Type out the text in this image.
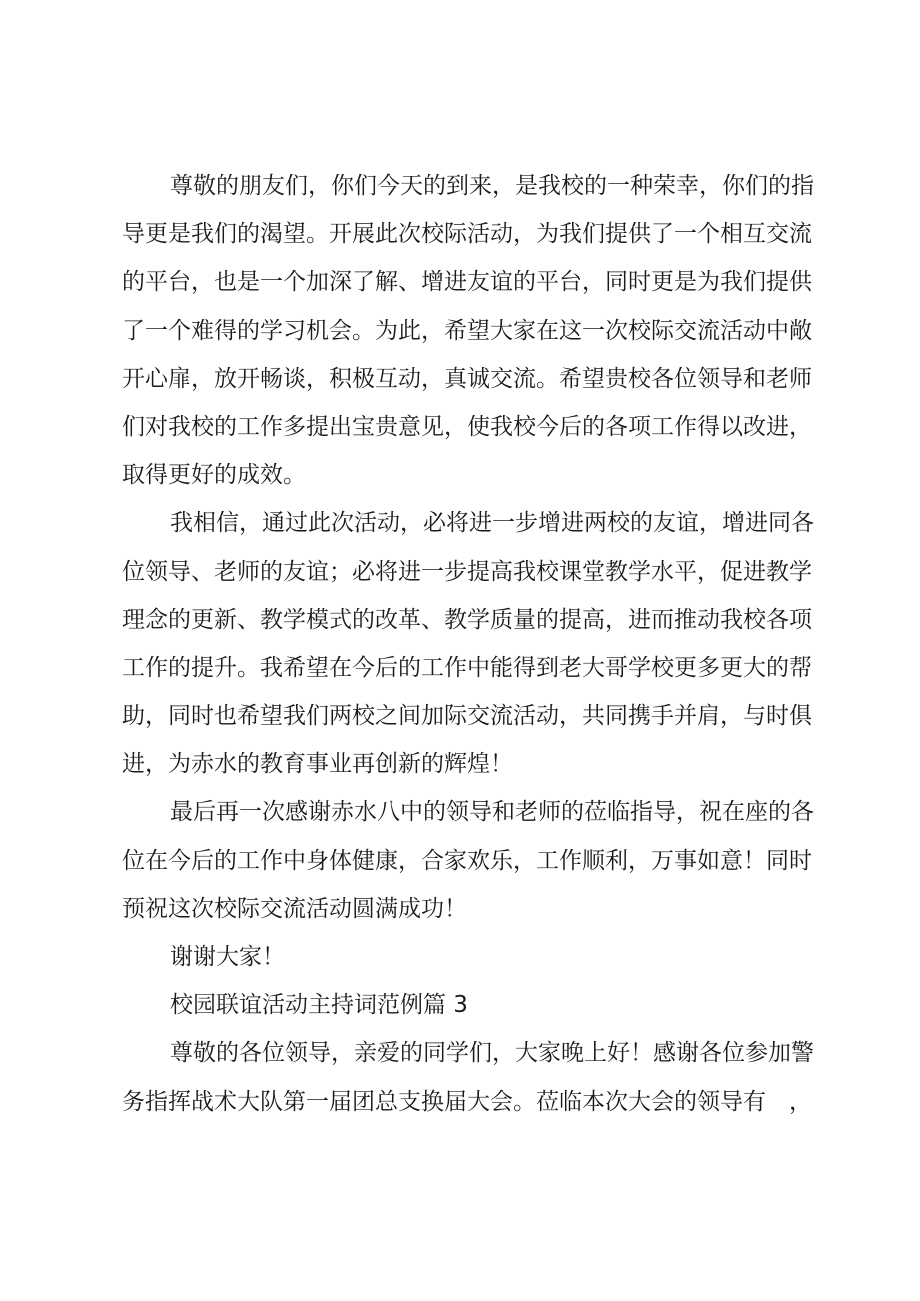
尊敬的朋友们，你们今天的到来，是我校的一种荣幸，你们的指
导更是我们的渴望。开展此次校际活动，为我们提供了一个相互交流
的平台，也是一个加深了解、增进友谊的平台，同时更是为我们提供
了一个难得的学习机会。为此，希望大家在这一次校际交流活动中敞
开心扉，放开畅谈，积极互动，真诚交流。希望贵校各位领导和老师
们对我校的工作多提出宝贵意见，使我校今后的各项工作得以改进，
取得更好的成效。
我相信，通过此次活动，必将进一步增进两校的友谊，增进同各
位领导、老师的友谊；必将进一步提高我校课堂教学水平，促进教学
理念的更新、教学模式的改革、教学质量的提高，进而推动我校各项
工作的提升。我希望在今后的工作中能得到老大哥学校更多更大的帮
助，同时也希望我们两校之间加际交流活动，共同携手并肩，与时俱
进，为赤水的教育事业再创新的辉煌！
最后再一次感谢赤水八中的领导和老师的莅临指导，祝在座的各
位在今后的工作中身体健康，合家欢乐，工作顺利，万事如意！同时
预祝这次校际交流活动圆满成功！
谢谢大家！
校园联谊活动主持词范例篇 3
尊敬的各位领导，亲爱的同学们，大家晚上好！感谢各位参加警
务指挥战术大队第一届团总支换届大会。莅临本次大会的领导有　，
